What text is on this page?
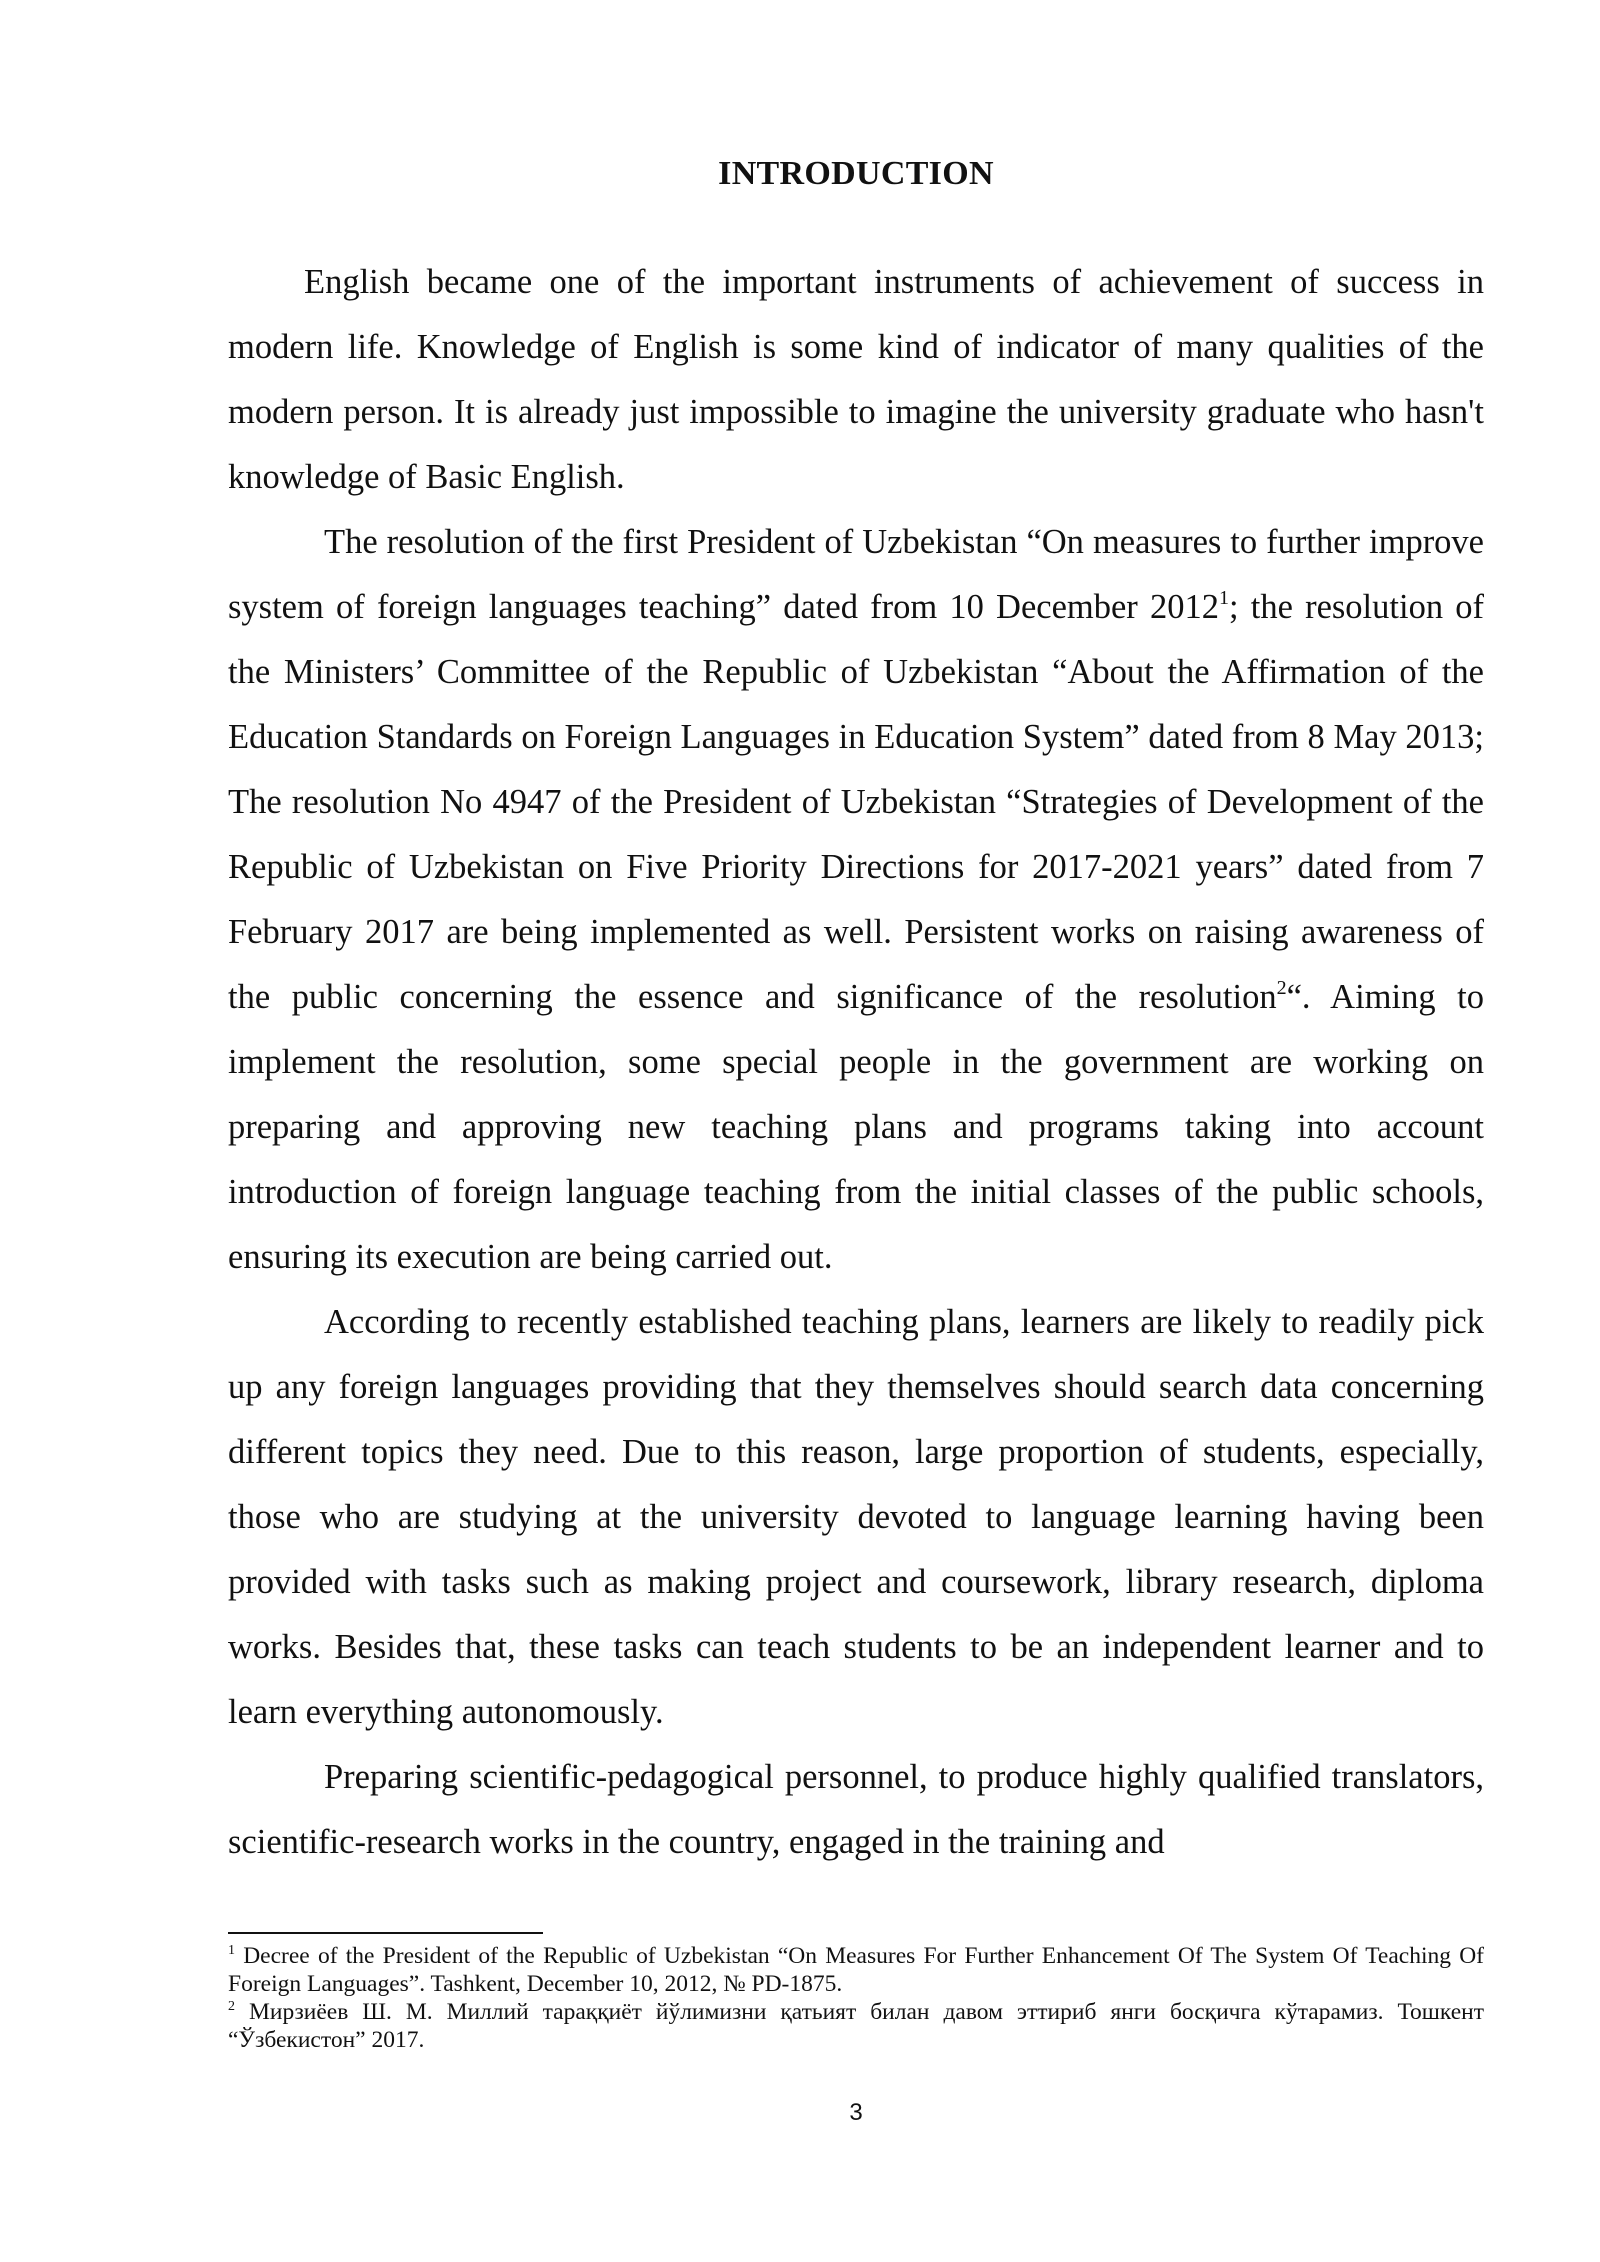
INTRODUCTION

English became one of the important instruments of achievement of success in modern life. Knowledge of English is some kind of indicator of many qualities of the modern person. It is already just impossible to imagine the university graduate who hasn't knowledge of Basic English.

The resolution of the first President of Uzbekistan “On measures to further improve system of foreign languages teaching” dated from 10 December 2012$^1$; the resolution of the Ministers’ Committee of the Republic of Uzbekistan “About the Affirmation of the Education Standards on Foreign Languages in Education System” dated from 8 May 2013; The resolution No 4947 of the President of Uzbekistan “Strategies of Development of the Republic of Uzbekistan on Five Priority Directions for 2017-2021 years” dated from 7 February 2017 are being implemented as well. Persistent works on raising awareness of the public concerning the essence and significance of the resolution$^2$“. Aiming to implement the resolution, some special people in the government are working on preparing and approving new teaching plans and programs taking into account introduction of foreign language teaching from the initial classes of the public schools, ensuring its execution are being carried out.

According to recently established teaching plans, learners are likely to readily pick up any foreign languages providing that they themselves should search data concerning different topics they need. Due to this reason, large proportion of students, especially, those who are studying at the university devoted to language learning having been provided with tasks such as making project and coursework, library research, diploma works. Besides that, these tasks can teach students to be an independent learner and to learn everything autonomously.

Preparing scientific-pedagogical personnel, to produce highly qualified translators, scientific-research works in the country, engaged in the training and

$^1$ Decree of the President of the Republic of Uzbekistan “On Measures For Further Enhancement Of The System Of Teaching Of Foreign Languages”. Tashkent, December 10, 2012, № PD-1875.

$^2$ Мирзиёев Ш. М. Миллий тараққиёт йўлимизни қатьият билан давом эттириб янги босқичга кўтарамиз. Тошкент “Ўзбекистон” 2017.

3
